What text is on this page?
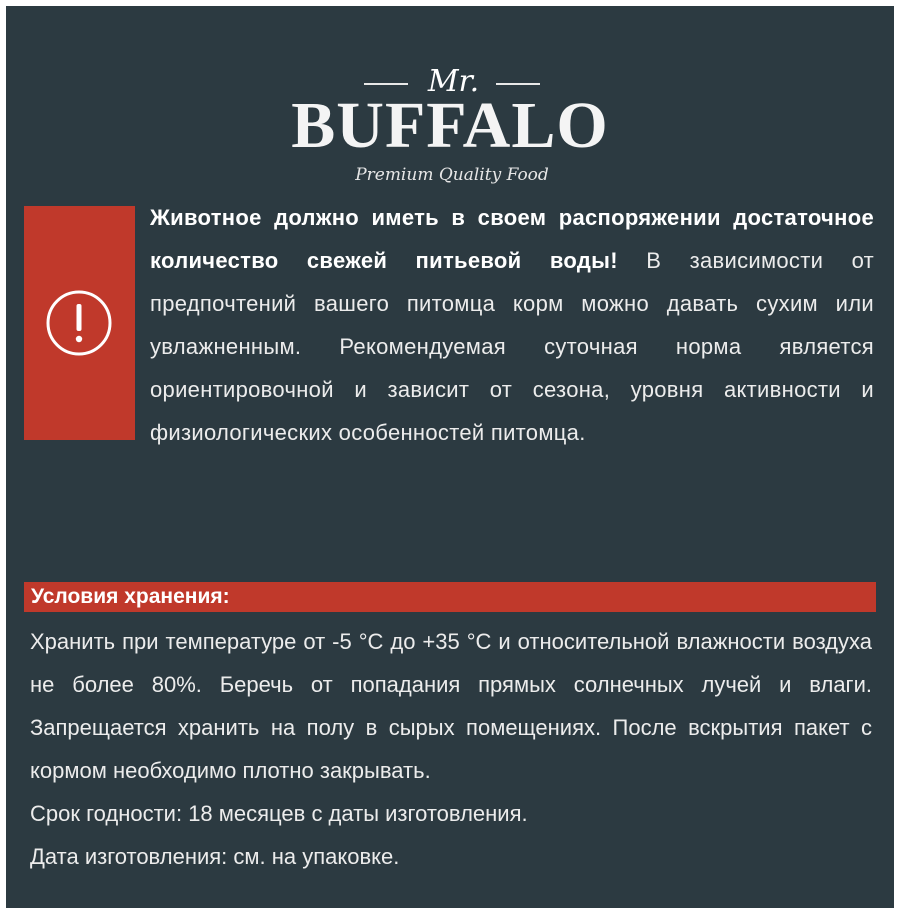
Mr.
BUFFALO
Premium Quality Food
Животное должно иметь в своем распоряжении достаточное количество свежей питьевой воды! В зависимости от предпочтений вашего питомца корм можно давать сухим или увлажненным. Рекомендуемая суточная норма является ориентировочной и зависит от сезона, уровня активности и физиологических особенностей питомца.
Условия хранения:
Хранить при температуре от -5 °С до +35 °С и относительной влажности воздуха не более 80%. Беречь от попадания прямых солнечных лучей и влаги. Запрещается хранить на полу в сырых помещениях. После вскрытия пакет с кормом необходимо плотно закрывать.
Срок годности: 18 месяцев с даты изготовления.
Дата изготовления: см. на упаковке.
